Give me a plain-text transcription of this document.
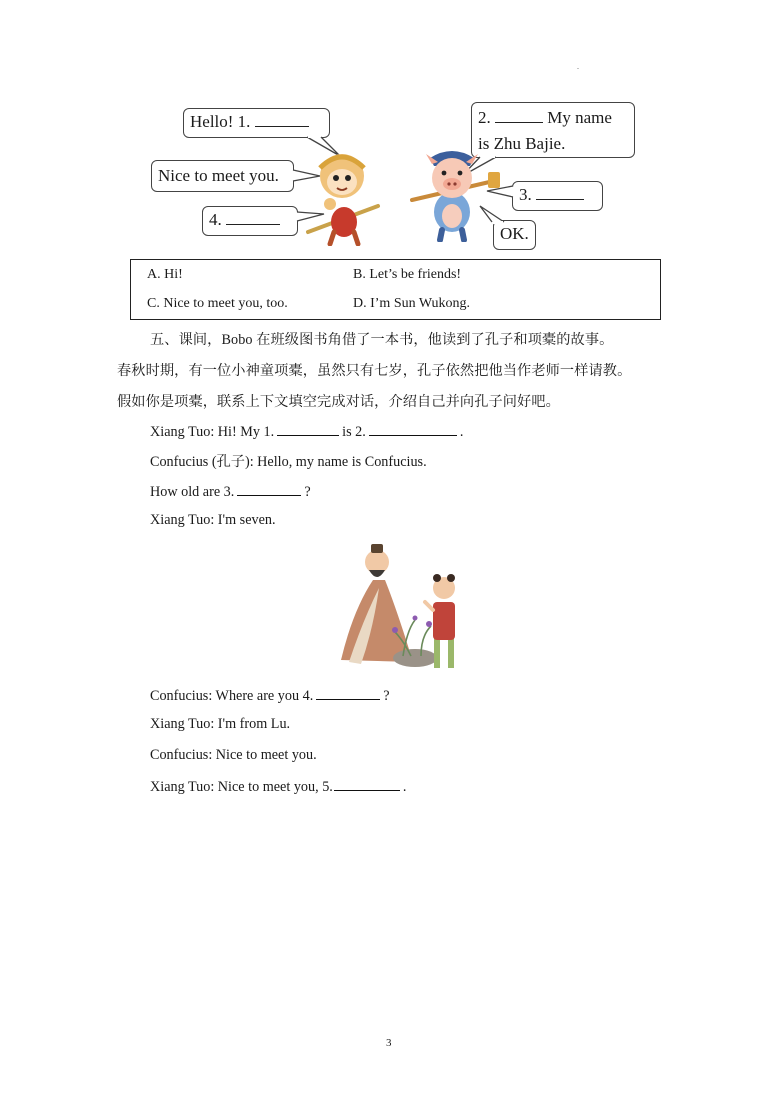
.
Hello! 1.
Nice to meet you.
4.
2.	My name
is Zhu Bajie.
3.
OK.
A. Hi!	B. Let’s be friends!
C. Nice to meet you, too.	D. I’m Sun Wukong.
五、课间，Bobo 在班级图书角借了一本书，他读到了孔子和项橐的故事。
春秋时期，有一位小神童项橐，虽然只有七岁，孔子依然把他当作老师一样请教。
假如你是项橐，联系上下文填空完成对话，介绍自己并向孔子问好吧。
Xiang Tuo: Hi! My 1.	is 2.	.
Confucius (孔子): Hello, my name is Confucius.
How old are 3.	?
Xiang Tuo: I'm seven.
Confucius: Where are you 4.	?
Xiang Tuo: I'm from Lu.
Confucius: Nice to meet you.
Xiang Tuo: Nice to meet you, 5.	.
3
